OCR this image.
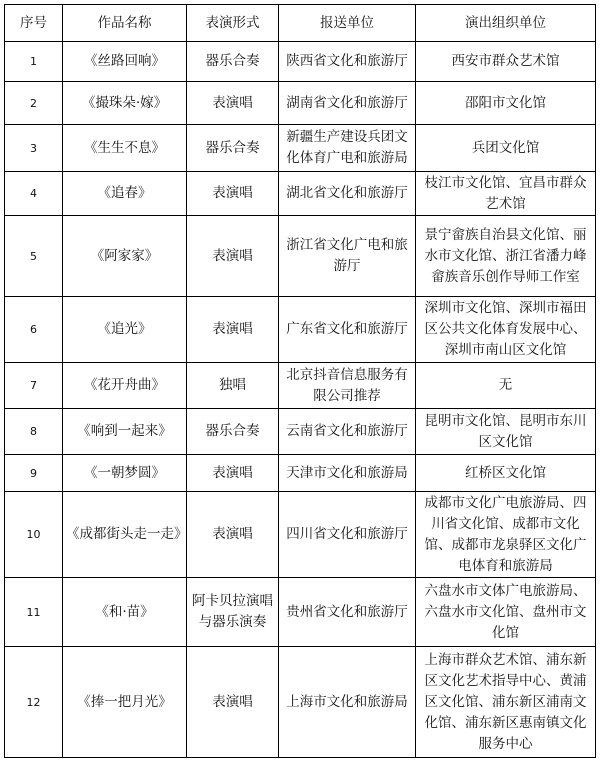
序号	作品名称	表演形式	报送单位	演出组织单位
1	《丝路回响》	器乐合奏	陕西省文化和旅游厅	西安市群众艺术馆
2	《撮珠朵·嫁》	表演唱	湖南省文化和旅游厅	邵阳市文化馆
3	《生生不息》	器乐合奏	新疆生产建设兵团文化体育广电和旅游局	兵团文化馆
4	《追春》	表演唱	湖北省文化和旅游厅	枝江市文化馆、宜昌市群众艺术馆
5	《阿家家》	表演唱	浙江省文化广电和旅游厅	景宁畲族自治县文化馆、丽水市文化馆、浙江省潘力峰畲族音乐创作导师工作室
6	《追光》	表演唱	广东省文化和旅游厅	深圳市文化馆、深圳市福田区公共文化体育发展中心、深圳市南山区文化馆
7	《花开舟曲》	独唱	北京抖音信息服务有限公司推荐	无
8	《响到一起来》	器乐合奏	云南省文化和旅游厅	昆明市文化馆、昆明市东川区文化馆
9	《一朝梦圆》	表演唱	天津市文化和旅游局	红桥区文化馆
10	《成都街头走一走》	表演唱	四川省文化和旅游厅	成都市文化广电旅游局、四川省文化馆、成都市文化馆、成都市龙泉驿区文化广电体育和旅游局
11	《和·苗》	阿卡贝拉演唱与器乐演奏	贵州省文化和旅游厅	六盘水市文体广电旅游局、六盘水市文化馆、盘州市文化馆
12	《捧一把月光》	表演唱	上海市文化和旅游局	上海市群众艺术馆、浦东新区文化艺术指导中心、黄浦区文化馆、浦东新区浦南文化馆、浦东新区惠南镇文化服务中心
